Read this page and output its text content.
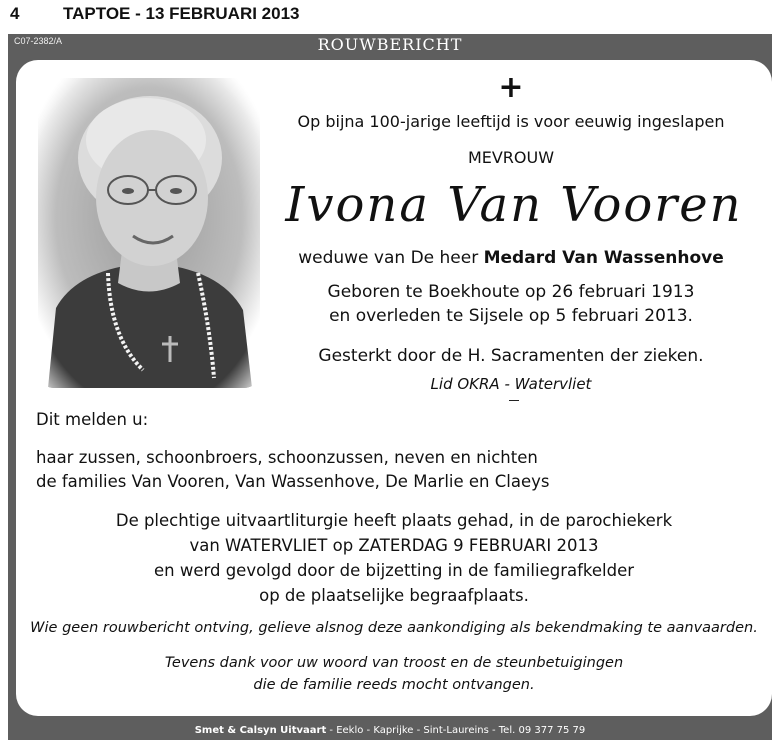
4	TAPTOE - 13 FEBRUARI 2013
C07-2382/A	ROUWBERICHT
+
Op bijna 100-jarige leeftijd is voor eeuwig ingeslapen
MEVROUW
Ivona Van Vooren
weduwe van De heer Medard Van Wassenhove
Geboren te Boekhoute op 26 februari 1913
en overleden te Sijsele op 5 februari 2013.
Gesterkt door de H. Sacramenten der zieken.
Lid OKRA - Watervliet
Dit melden u:
haar zussen, schoonbroers, schoonzussen, neven en nichten
de families Van Vooren, Van Wassenhove, De Marlie en Claeys
De plechtige uitvaartliturgie heeft plaats gehad, in de parochiekerk
van WATERVLIET op ZATERDAG 9 FEBRUARI 2013
en werd gevolgd door de bijzetting in de familiegrafkelder
op de plaatselijke begraafplaats.
Wie geen rouwbericht ontving, gelieve alsnog deze aankondiging als bekendmaking te aanvaarden.
Tevens dank voor uw woord van troost en de steunbetuigingen
die de familie reeds mocht ontvangen.
Smet & Calsyn Uitvaart - Eeklo - Kaprijke - Sint-Laureins - Tel. 09 377 75 79
